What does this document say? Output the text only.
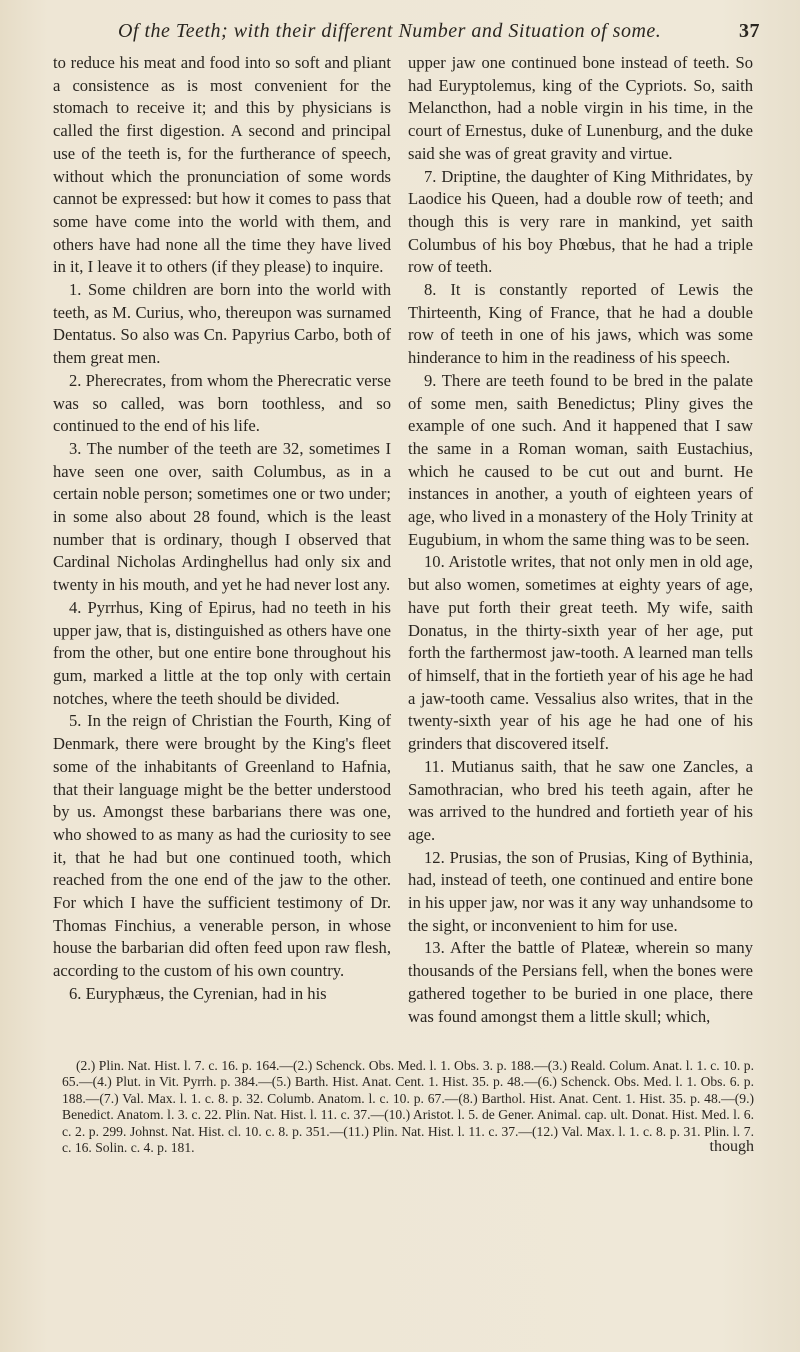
Of the Teeth; with their different Number and Situation of some.	37

to reduce his meat and food into so soft and pliant a consistence as is most convenient for the stomach to receive it; and this by physicians is called the first digestion. A second and principal use of the teeth is, for the furtherance of speech, without which the pronunciation of some words cannot be expressed: but how it comes to pass that some have come into the world with them, and others have had none all the time they have lived in it, I leave it to others (if they please) to inquire.

1. Some children are born into the world with teeth, as M. Curius, who, thereupon was surnamed Dentatus. So also was Cn. Papyrius Carbo, both of them great men.

2. Pherecrates, from whom the Pherecratic verse was so called, was born toothless, and so continued to the end of his life.

3. The number of the teeth are 32, sometimes I have seen one over, saith Columbus, as in a certain noble person; sometimes one or two under; in some also about 28 found, which is the least number that is ordinary, though I observed that Cardinal Nicholas Ardinghellus had only six and twenty in his mouth, and yet he had never lost any.

4. Pyrrhus, King of Epirus, had no teeth in his upper jaw, that is, distinguished as others have one from the other, but one entire bone throughout his gum, marked a little at the top only with certain notches, where the teeth should be divided.

5. In the reign of Christian the Fourth, King of Denmark, there were brought by the King's fleet some of the inhabitants of Greenland to Hafnia, that their language might be the better understood by us. Amongst these barbarians there was one, who showed to as many as had the curiosity to see it, that he had but one continued tooth, which reached from the one end of the jaw to the other. For which I have the sufficient testimony of Dr. Thomas Finchius, a venerable person, in whose house the barbarian did often feed upon raw flesh, according to the custom of his own country.

6. Euryphæus, the Cyrenian, had in his

upper jaw one continued bone instead of teeth. So had Euryptolemus, king of the Cypriots. So, saith Melancthon, had a noble virgin in his time, in the court of Ernestus, duke of Lunenburg, and the duke said she was of great gravity and virtue.

7. Driptine, the daughter of King Mithridates, by Laodice his Queen, had a double row of teeth; and though this is very rare in mankind, yet saith Columbus of his boy Phœbus, that he had a triple row of teeth.

8. It is constantly reported of Lewis the Thirteenth, King of France, that he had a double row of teeth in one of his jaws, which was some hinderance to him in the readiness of his speech.

9. There are teeth found to be bred in the palate of some men, saith Benedictus; Pliny gives the example of one such. And it happened that I saw the same in a Roman woman, saith Eustachius, which he caused to be cut out and burnt. He instances in another, a youth of eighteen years of age, who lived in a monastery of the Holy Trinity at Eugubium, in whom the same thing was to be seen.

10. Aristotle writes, that not only men in old age, but also women, sometimes at eighty years of age, have put forth their great teeth. My wife, saith Donatus, in the thirty-sixth year of her age, put forth the farthermost jaw-tooth. A learned man tells of himself, that in the fortieth year of his age he had a jaw-tooth came. Vessalius also writes, that in the twenty-sixth year of his age he had one of his grinders that discovered itself.

11. Mutianus saith, that he saw one Zancles, a Samothracian, who bred his teeth again, after he was arrived to the hundred and fortieth year of his age.

12. Prusias, the son of Prusias, King of Bythinia, had, instead of teeth, one continued and entire bone in his upper jaw, nor was it any way unhandsome to the sight, or inconvenient to him for use.

13. After the battle of Plateæ, wherein so many thousands of the Persians fell, when the bones were gathered together to be buried in one place, there was found amongst them a little skull; which,

(2.) Plin. Nat. Hist. l. 7. c. 16. p. 164.—(2.) Schenck. Obs. Med. l. 1. Obs. 3. p. 188.—(3.) Reald. Colum. Anat. l. 1. c. 10. p. 65.—(4.) Plut. in Vit. Pyrrh. p. 384.—(5.) Barth. Hist. Anat. Cent. 1. Hist. 35. p. 48.—(6.) Schenck. Obs. Med. l. 1. Obs. 6. p. 188.—(7.) Val. Max. l. 1. c. 8. p. 32. Columb. Anatom. l. c. 10. p. 67.—(8.) Barthol. Hist. Anat. Cent. 1. Hist. 35. p. 48.—(9.) Benedict. Anatom. l. 3. c. 22. Plin. Nat. Hist. l. 11. c. 37.—(10.) Aristot. l. 5. de Gener. Animal. cap. ult. Donat. Hist. Med. l. 6. c. 2. p. 299. Johnst. Nat. Hist. cl. 10. c. 8. p. 351.—(11.) Plin. Nat. Hist. l. 11. c. 37.—(12.) Val. Max. l. 1. c. 8. p. 31. Plin. l. 7. c. 16. Solin. c. 4. p. 181.	though
